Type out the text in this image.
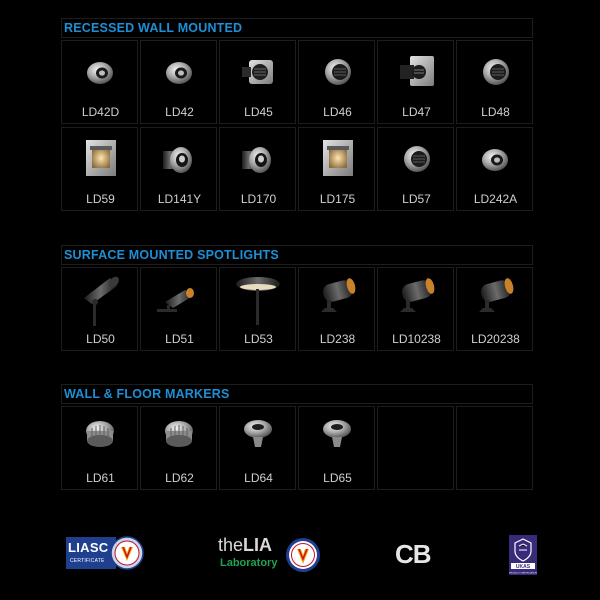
RECESSED WALL MOUNTED
LD42D	LD42	LD45	LD46	LD47	LD48
LD59	LD141Y	LD170	LD175	LD57	LD242A
SURFACE MOUNTED SPOTLIGHTS
LD50	LD51	LD53	LD238	LD10238	LD20238
WALL & FLOOR MARKERS
LD61	LD62	LD64	LD65
LIASC
CERTIFICATE
theLIA
Laboratory	CB	UKAS
PRODUCT CERTIFICATION
